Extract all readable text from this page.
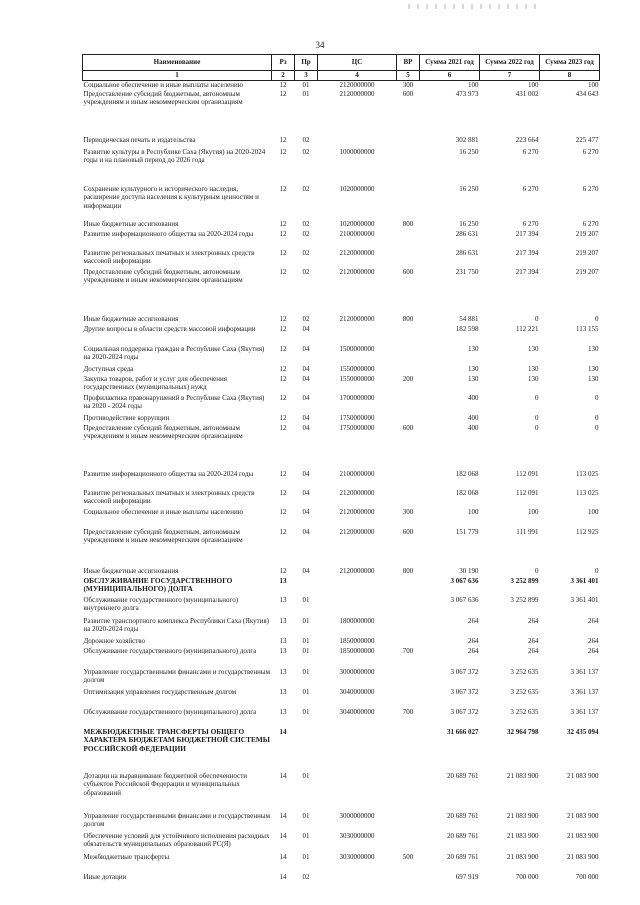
34
Наименование	Рз	Пр	ЦС	ВР	Сумма 2021 год	Сумма 2022 год	Сумма 2023 год
1	2	3	4	5	6	7	8
Социальное обеспечение и иные выплаты населению	12	01	2120000000	300	100	100	100
Предоставление субсидий бюджетным, автономным учреждениям и иным некоммерческим организациям	12	01	2120000000	600	473 973	431 002	434 643
Периодическая печать и издательства	12	02			302 881	223 664	225 477
Развитие культуры в Республике Саха (Якутия) на 2020-2024 годы и на плановый период до 2026 года	12	02	1000000000		16 250	6 270	6 270
Сохранение культурного и исторического наследия, расширение доступа населения к культурным ценностям и информации	12	02	1020000000		16 250	6 270	6 270
Иные бюджетные ассигнования	12	02	1020000000	800	16 250	6 270	6 270
Развитие информационного общества на 2020-2024 годы	12	02	2100000000		286 631	217 394	219 207
Развитие региональных печатных и электронных средств массовой информации	12	02	2120000000		286 631	217 394	219 207
Предоставление субсидий бюджетным, автономным учреждениям и иным некоммерческим организациям	12	02	2120000000	600	231 750	217 394	219 207
Иные бюджетные ассигнования	12	02	2120000000	800	54 881	0	0
Другие вопросы в области средств массовой информации	12	04			182 598	112 221	113 155
Социальная поддержка граждан в Республике Саха (Якутия) на 2020-2024 годы	12	04	1500000000		130	130	130
Доступная среда	12	04	1550000000		130	130	130
Закупка товаров, работ и услуг для обеспечения государственных (муниципальных) нужд	12	04	1550000000	200	130	130	130
Профилактика правонарушений в Республике Саха (Якутия) на 2020 - 2024 годы	12	04	1700000000		400	0	0
Противодействие коррупции	12	04	1750000000		400	0	0
Предоставление субсидий бюджетным, автономным учреждениям и иным некоммерческим организациям	12	04	1750000000	600	400	0	0
Развитие информационного общества на 2020-2024 годы	12	04	2100000000		182 068	112 091	113 025
Развитие региональных печатных и электронных средств массовой информации	12	04	2120000000		182 068	112 091	113 025
Социальное обеспечение и иные выплаты населению	12	04	2120000000	300	100	100	100
Предоставление субсидий бюджетным, автономным учреждениям и иным некоммерческим организациям	12	04	2120000000	600	151 779	111 991	112 925
Иные бюджетные ассигнования	12	04	2120000000	800	30 190	0	0
ОБСЛУЖИВАНИЕ ГОСУДАРСТВЕННОГО (МУНИЦИПАЛЬНОГО) ДОЛГА	13				3 067 636	3 252 899	3 361 401
Обслуживание государственного (муниципального) внутреннего долга	13	01			3 067 636	3 252 899	3 361 401
Развитие транспортного комплекса Республики Саха (Якутия) на 2020-2024 годы	13	01	1800000000		264	264	264
Дорожное хозяйство	13	01	1850000000		264	264	264
Обслуживание государственного (муниципального) долга	13	01	1850000000	700	264	264	264
Управление государственными финансами и государственным долгом	13	01	3000000000		3 067 372	3 252 635	3 361 137
Оптимизация управления государственным долгом	13	01	3040000000		3 067 372	3 252 635	3 361 137
Обслуживание государственного (муниципального) долга	13	01	3040000000	700	3 067 372	3 252 635	3 361 137
МЕЖБЮДЖЕТНЫЕ ТРАНСФЕРТЫ ОБЩЕГО ХАРАКТЕРА БЮДЖЕТАМ БЮДЖЕТНОЙ СИСТЕМЫ РОССИЙСКОЙ ФЕДЕРАЦИИ	14				31 666 027	32 964 798	32 435 094
Дотации на выравнивание бюджетной обеспеченности субъектов Российской Федерации и муниципальных образований	14	01			20 689 761	21 083 900	21 083 900
Управление государственными финансами и государственным долгом	14	01	3000000000		20 689 761	21 083 900	21 083 900
Обеспечение условий для устойчивого исполнения расходных обязательств муниципальных образований РС(Я)	14	01	3030000000		20 689 761	21 083 900	21 083 900
Межбюджетные трансферты	14	01	3030000000	500	20 689 761	21 083 900	21 083 900
Иные дотации	14	02			697 919	700 000	700 000
